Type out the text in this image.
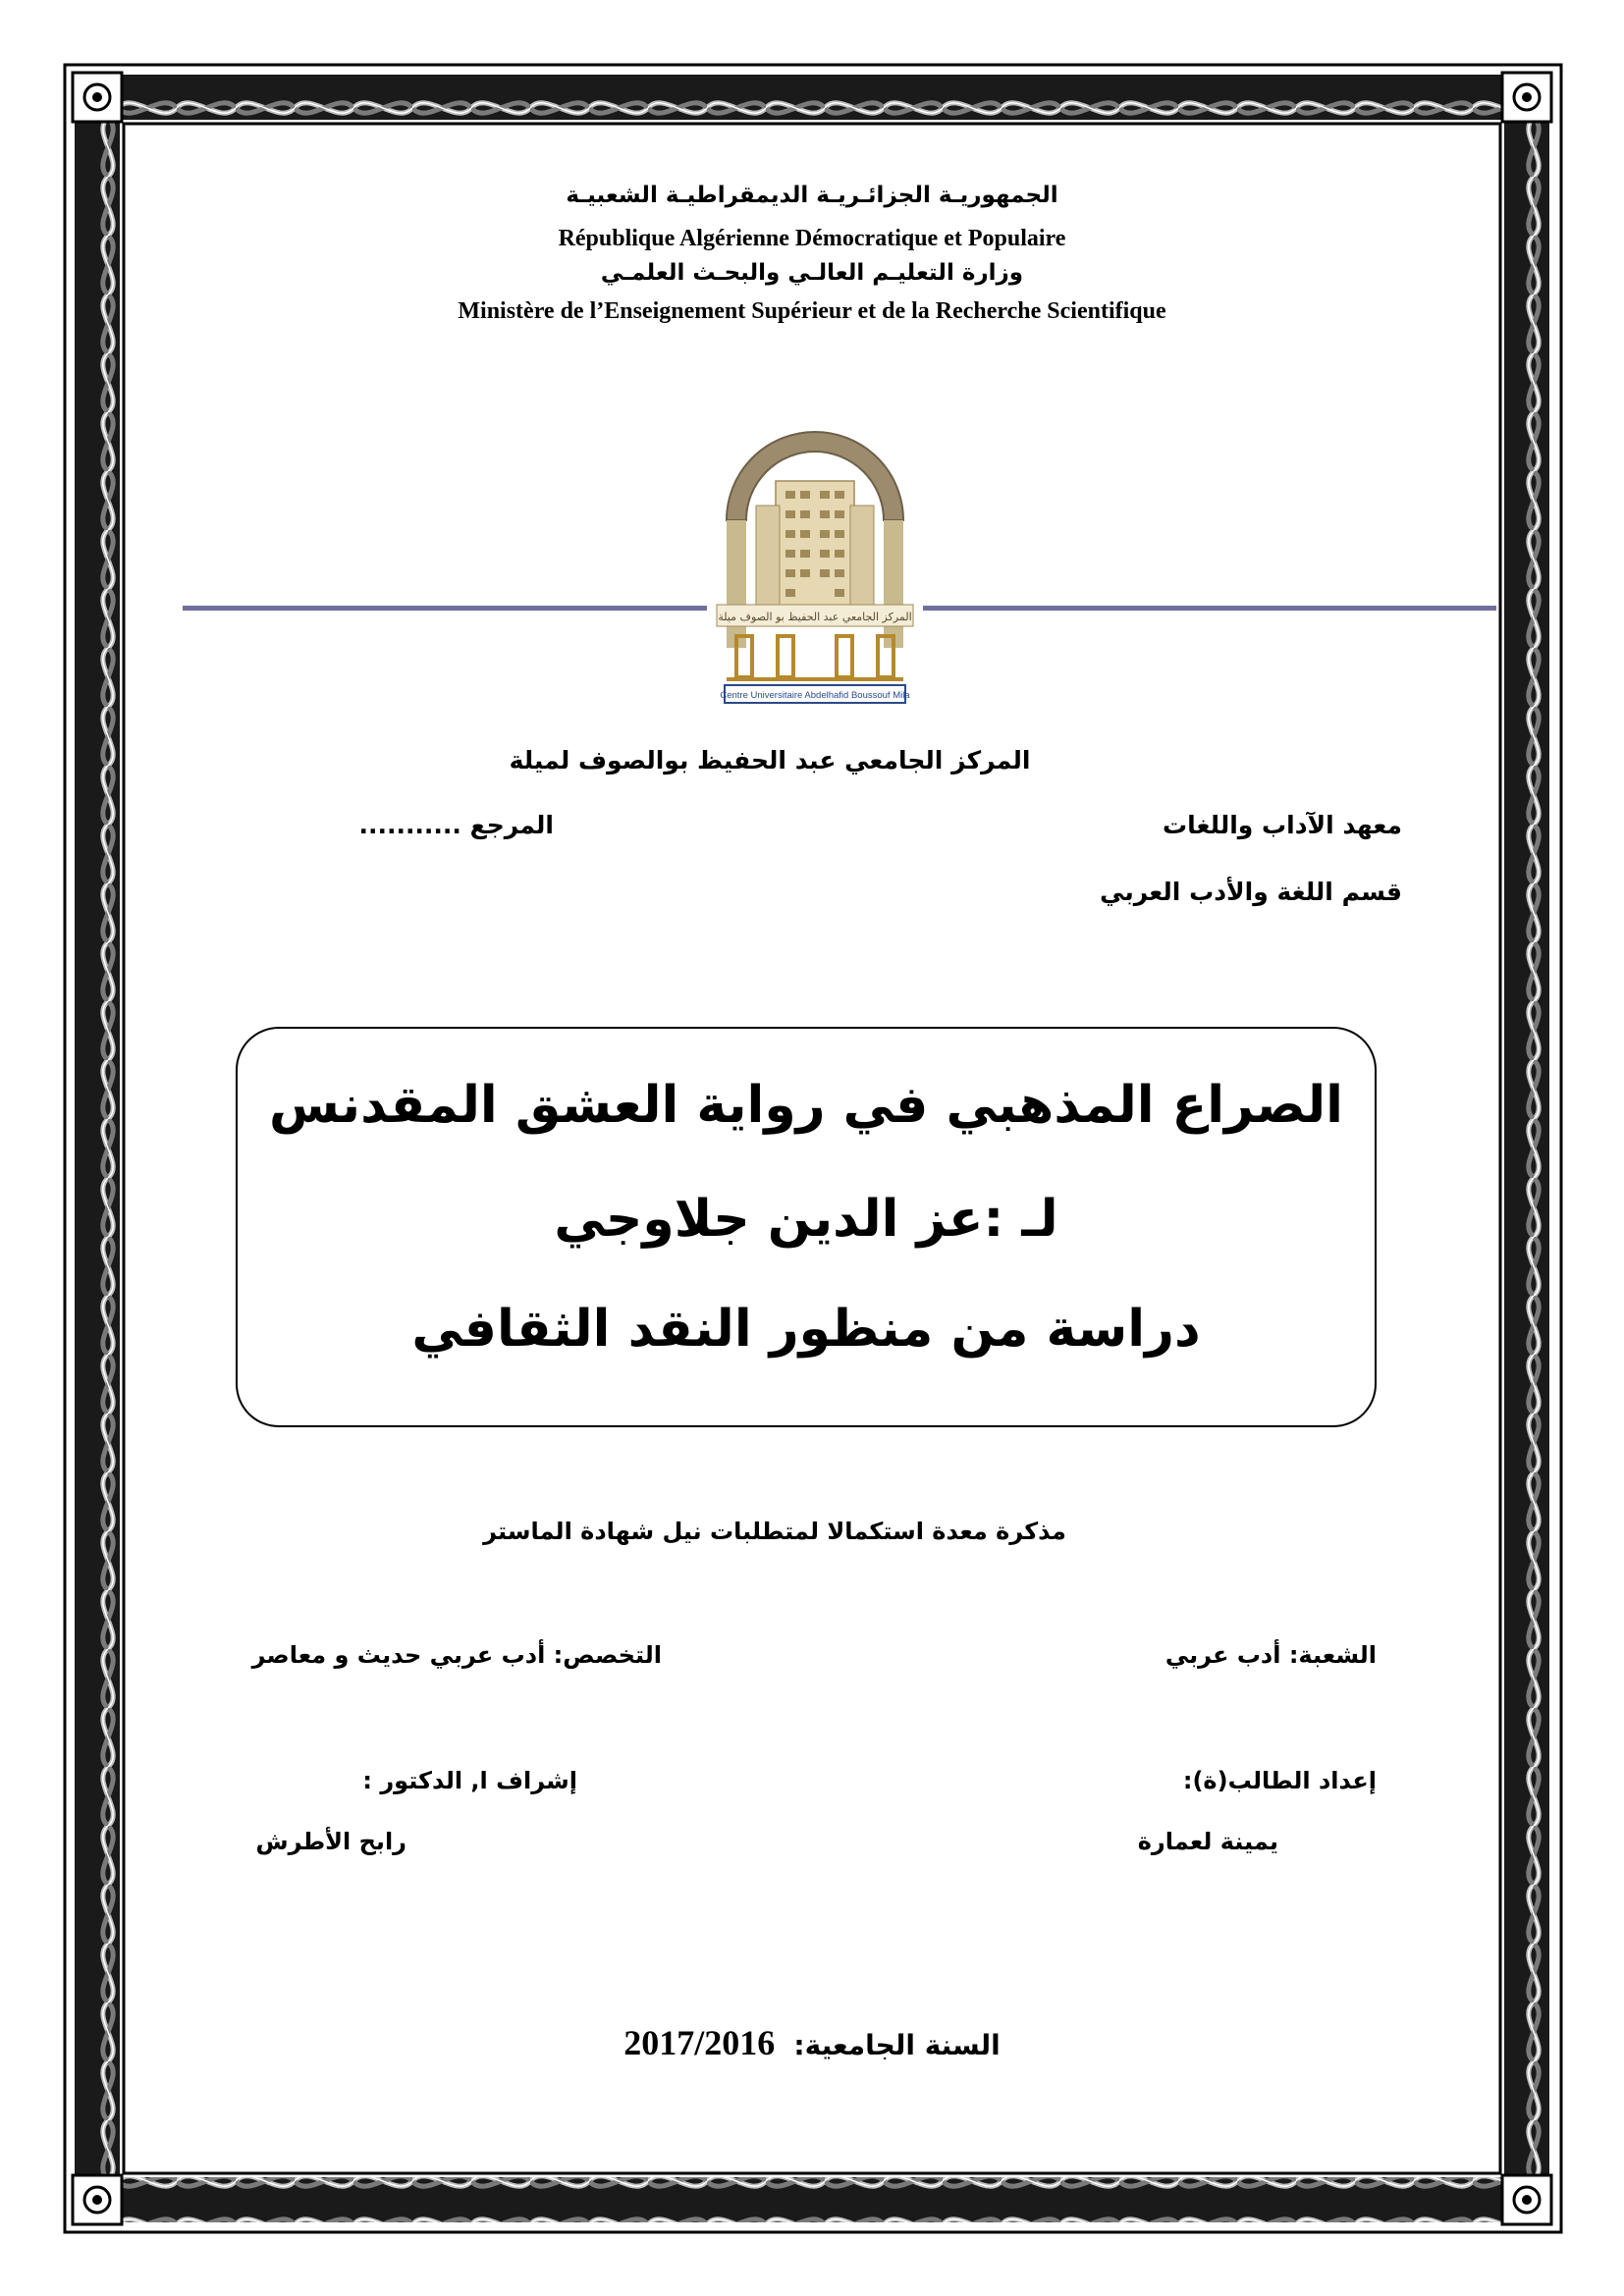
الجمهوريـة الجزائـريـة الديمقراطيـة الشعبيـة
République Algérienne Démocratique et Populaire
وزارة التعليـم العالـي والبحـث العلمـي
Ministère de l’Enseignement Supérieur et de la Recherche Scientifique
المركز الجامعي عبد الحفيظ بو الصوف ميلة
Centre Universitaire Abdelhafid Boussouf Mila
المركز الجامعي عبد الحفيظ بوالصوف لميلة
معهد الآداب واللغات
المرجع ...........
قسم اللغة والأدب العربي
الصراع المذهبي في رواية العشق المقدنس
لـ :عز الدين جلاوجي
دراسة من منظور النقد الثقافي
مذكرة معدة استكمالا لمتطلبات نيل شهادة الماستر
الشعبة: أدب عربي
التخصص: أدب عربي حديث و معاصر
إعداد الطالب(ة):
إشراف ا, الدكتور :
يمينة لعمارة
رابح الأطرش
2017/2016 السنة الجامعية:
